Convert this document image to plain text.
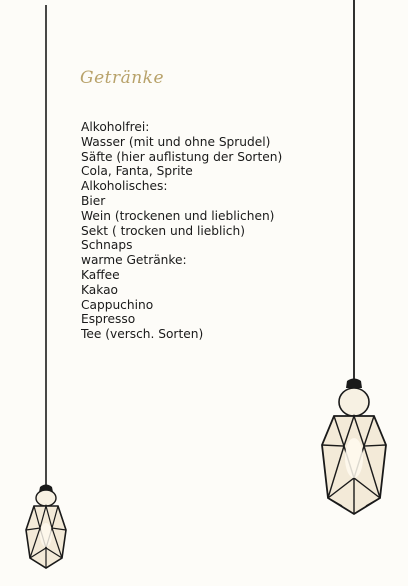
Getränke
Alkoholfrei:
Wasser (mit und ohne Sprudel)
Säfte (hier auflistung der Sorten)
Cola, Fanta, Sprite
Alkoholisches:
Bier
Wein (trockenen und lieblichen)
Sekt ( trocken und lieblich)
Schnaps
warme Getränke:
Kaffee
Kakao
Cappuchino
Espresso
Tee (versch. Sorten)
